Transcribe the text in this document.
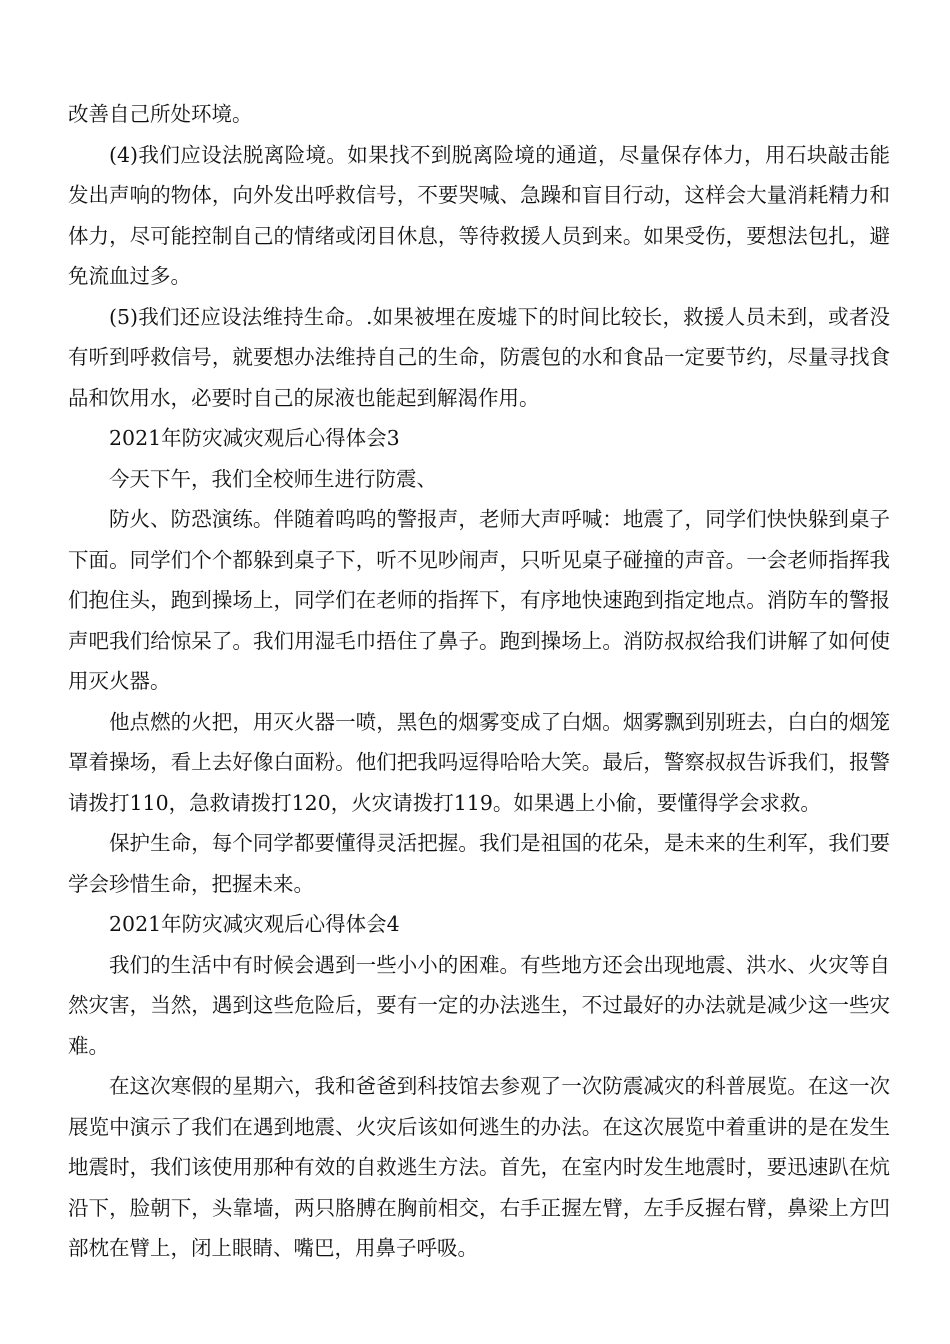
改善自己所处环境。

(4)我们应设法脱离险境。如果找不到脱离险境的通道，尽量保存体力，用石块敲击能发出声响的物体，向外发出呼救信号，不要哭喊、急躁和盲目行动，这样会大量消耗精力和体力，尽可能控制自己的情绪或闭目休息，等待救援人员到来。如果受伤，要想法包扎，避免流血过多。

(5)我们还应设法维持生命。.如果被埋在废墟下的时间比较长，救援人员未到，或者没有听到呼救信号，就要想办法维持自己的生命，防震包的水和食品一定要节约，尽量寻找食品和饮用水，必要时自己的尿液也能起到解渴作用。

2021年防灾减灾观后心得体会3

今天下午，我们全校师生进行防震、

防火、防恐演练。伴随着呜呜的警报声，老师大声呼喊：地震了，同学们快快躲到桌子下面。同学们个个都躲到桌子下，听不见吵闹声，只听见桌子碰撞的声音。一会老师指挥我们抱住头，跑到操场上，同学们在老师的指挥下，有序地快速跑到指定地点。消防车的警报声吧我们给惊呆了。我们用湿毛巾捂住了鼻子。跑到操场上。消防叔叔给我们讲解了如何使用灭火器。

他点燃的火把，用灭火器一喷，黑色的烟雾变成了白烟。烟雾飘到别班去，白白的烟笼罩着操场，看上去好像白面粉。他们把我吗逗得哈哈大笑。最后，警察叔叔告诉我们，报警请拨打110，急救请拨打120，火灾请拨打119。如果遇上小偷，要懂得学会求救。

保护生命，每个同学都要懂得灵活把握。我们是祖国的花朵，是未来的生利军，我们要学会珍惜生命，把握未来。

2021年防灾减灾观后心得体会4

我们的生活中有时候会遇到一些小小的困难。有些地方还会出现地震、洪水、火灾等自然灾害，当然，遇到这些危险后，要有一定的办法逃生，不过最好的办法就是减少这一些灾难。

在这次寒假的星期六，我和爸爸到科技馆去参观了一次防震减灾的科普展览。在这一次展览中演示了我们在遇到地震、火灾后该如何逃生的办法。在这次展览中着重讲的是在发生地震时，我们该使用那种有效的自救逃生方法。首先，在室内时发生地震时，要迅速趴在炕沿下，脸朝下，头靠墙，两只胳膊在胸前相交，右手正握左臂，左手反握右臂，鼻梁上方凹部枕在臂上，闭上眼睛、嘴巴，用鼻子呼吸。
